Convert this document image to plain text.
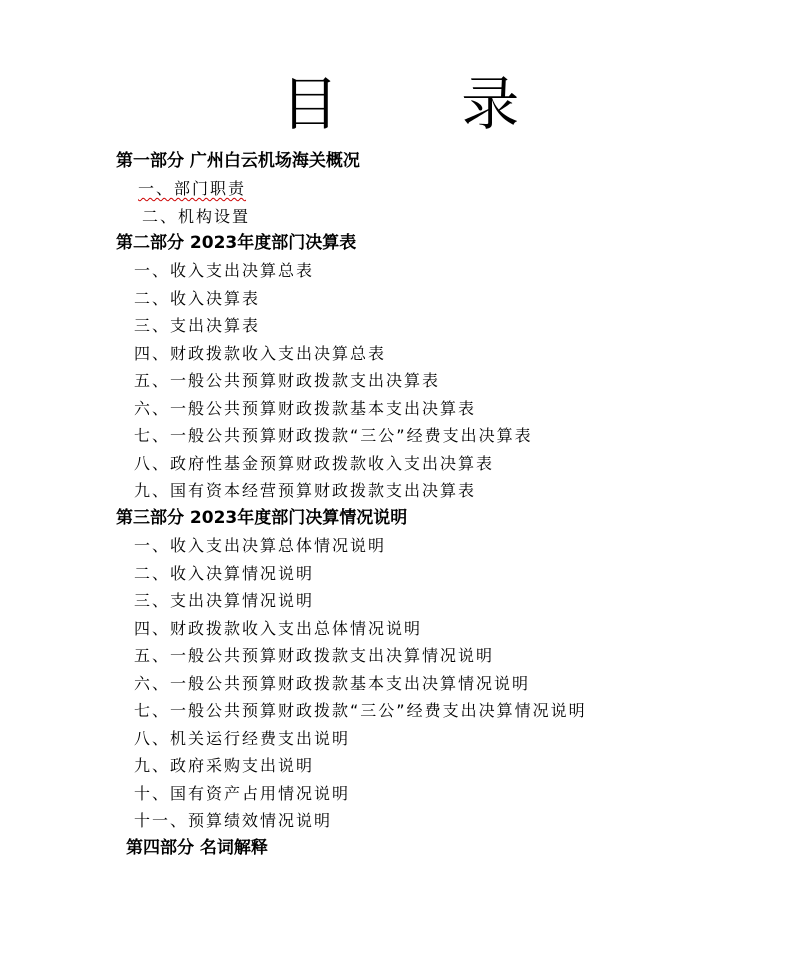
目 录
第一部分 广州白云机场海关概况
一、部门职责
二、机构设置
第二部分 2023年度部门决算表
一、收入支出决算总表
二、收入决算表
三、支出决算表
四、财政拨款收入支出决算总表
五、一般公共预算财政拨款支出决算表
六、一般公共预算财政拨款基本支出决算表
七、一般公共预算财政拨款“三公”经费支出决算表
八、政府性基金预算财政拨款收入支出决算表
九、国有资本经营预算财政拨款支出决算表
第三部分 2023年度部门决算情况说明
一、收入支出决算总体情况说明
二、收入决算情况说明
三、支出决算情况说明
四、财政拨款收入支出总体情况说明
五、一般公共预算财政拨款支出决算情况说明
六、一般公共预算财政拨款基本支出决算情况说明
七、一般公共预算财政拨款“三公”经费支出决算情况说明
八、机关运行经费支出说明
九、政府采购支出说明
十、国有资产占用情况说明
十一、预算绩效情况说明
第四部分 名词解释
